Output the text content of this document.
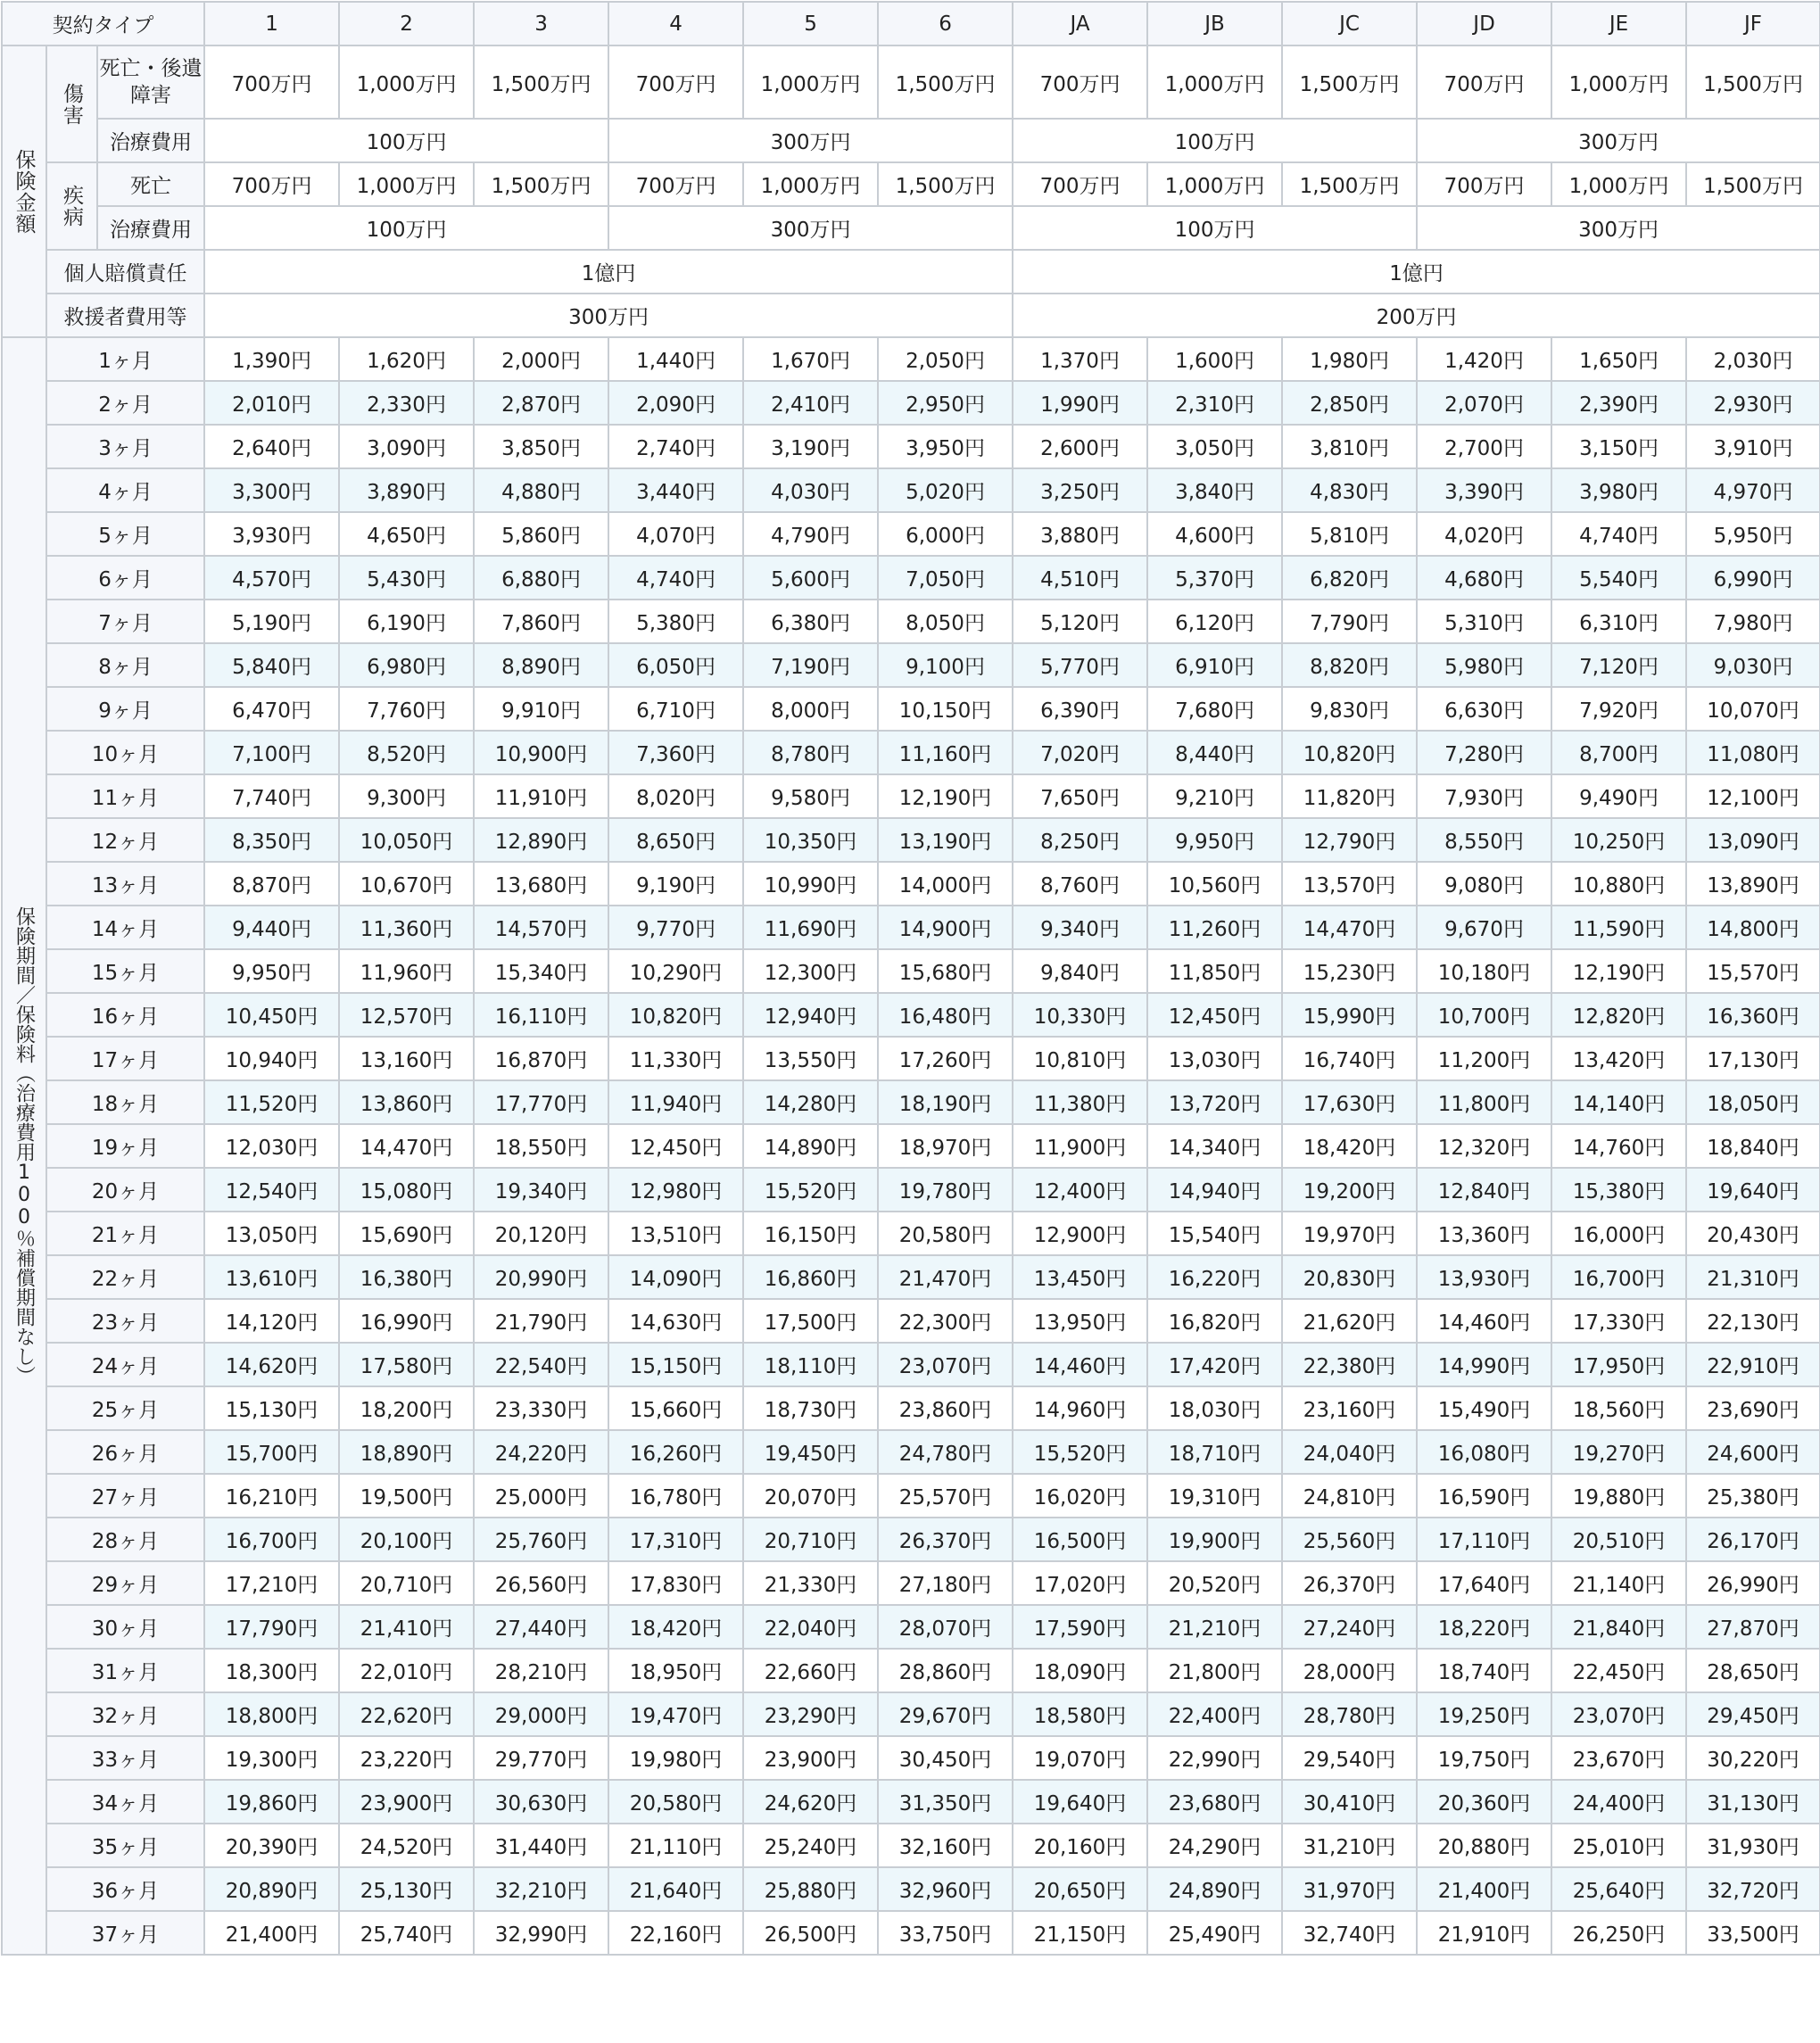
契約タイプ			1	2	3	4	5	6	JA	JB	JC	JD	JE	JF
保険金額	傷害	死亡・後遺障害	700万円	1,000万円	1,500万円	700万円	1,000万円	1,500万円	700万円	1,000万円	1,500万円	700万円	1,000万円	1,500万円
		治療費用	100万円			300万円			100万円			300万円		
	疾病	死亡	700万円	1,000万円	1,500万円	700万円	1,000万円	1,500万円	700万円	1,000万円	1,500万円	700万円	1,000万円	1,500万円
		治療費用	100万円			300万円			100万円			300万円		
	個人賠償責任		1億円						1億円					
	救援者費用等		300万円						200万円					
保険期間／保険料（治療費用100％補償期間なし）	1ヶ月		1,390円	1,620円	2,000円	1,440円	1,670円	2,050円	1,370円	1,600円	1,980円	1,420円	1,650円	2,030円
	2ヶ月		2,010円	2,330円	2,870円	2,090円	2,410円	2,950円	1,990円	2,310円	2,850円	2,070円	2,390円	2,930円
	3ヶ月		2,640円	3,090円	3,850円	2,740円	3,190円	3,950円	2,600円	3,050円	3,810円	2,700円	3,150円	3,910円
	4ヶ月		3,300円	3,890円	4,880円	3,440円	4,030円	5,020円	3,250円	3,840円	4,830円	3,390円	3,980円	4,970円
	5ヶ月		3,930円	4,650円	5,860円	4,070円	4,790円	6,000円	3,880円	4,600円	5,810円	4,020円	4,740円	5,950円
	6ヶ月		4,570円	5,430円	6,880円	4,740円	5,600円	7,050円	4,510円	5,370円	6,820円	4,680円	5,540円	6,990円
	7ヶ月		5,190円	6,190円	7,860円	5,380円	6,380円	8,050円	5,120円	6,120円	7,790円	5,310円	6,310円	7,980円
	8ヶ月		5,840円	6,980円	8,890円	6,050円	7,190円	9,100円	5,770円	6,910円	8,820円	5,980円	7,120円	9,030円
	9ヶ月		6,470円	7,760円	9,910円	6,710円	8,000円	10,150円	6,390円	7,680円	9,830円	6,630円	7,920円	10,070円
	10ヶ月		7,100円	8,520円	10,900円	7,360円	8,780円	11,160円	7,020円	8,440円	10,820円	7,280円	8,700円	11,080円
	11ヶ月		7,740円	9,300円	11,910円	8,020円	9,580円	12,190円	7,650円	9,210円	11,820円	7,930円	9,490円	12,100円
	12ヶ月		8,350円	10,050円	12,890円	8,650円	10,350円	13,190円	8,250円	9,950円	12,790円	8,550円	10,250円	13,090円
	13ヶ月		8,870円	10,670円	13,680円	9,190円	10,990円	14,000円	8,760円	10,560円	13,570円	9,080円	10,880円	13,890円
	14ヶ月		9,440円	11,360円	14,570円	9,770円	11,690円	14,900円	9,340円	11,260円	14,470円	9,670円	11,590円	14,800円
	15ヶ月		9,950円	11,960円	15,340円	10,290円	12,300円	15,680円	9,840円	11,850円	15,230円	10,180円	12,190円	15,570円
	16ヶ月		10,450円	12,570円	16,110円	10,820円	12,940円	16,480円	10,330円	12,450円	15,990円	10,700円	12,820円	16,360円
	17ヶ月		10,940円	13,160円	16,870円	11,330円	13,550円	17,260円	10,810円	13,030円	16,740円	11,200円	13,420円	17,130円
	18ヶ月		11,520円	13,860円	17,770円	11,940円	14,280円	18,190円	11,380円	13,720円	17,630円	11,800円	14,140円	18,050円
	19ヶ月		12,030円	14,470円	18,550円	12,450円	14,890円	18,970円	11,900円	14,340円	18,420円	12,320円	14,760円	18,840円
	20ヶ月		12,540円	15,080円	19,340円	12,980円	15,520円	19,780円	12,400円	14,940円	19,200円	12,840円	15,380円	19,640円
	21ヶ月		13,050円	15,690円	20,120円	13,510円	16,150円	20,580円	12,900円	15,540円	19,970円	13,360円	16,000円	20,430円
	22ヶ月		13,610円	16,380円	20,990円	14,090円	16,860円	21,470円	13,450円	16,220円	20,830円	13,930円	16,700円	21,310円
	23ヶ月		14,120円	16,990円	21,790円	14,630円	17,500円	22,300円	13,950円	16,820円	21,620円	14,460円	17,330円	22,130円
	24ヶ月		14,620円	17,580円	22,540円	15,150円	18,110円	23,070円	14,460円	17,420円	22,380円	14,990円	17,950円	22,910円
	25ヶ月		15,130円	18,200円	23,330円	15,660円	18,730円	23,860円	14,960円	18,030円	23,160円	15,490円	18,560円	23,690円
	26ヶ月		15,700円	18,890円	24,220円	16,260円	19,450円	24,780円	15,520円	18,710円	24,040円	16,080円	19,270円	24,600円
	27ヶ月		16,210円	19,500円	25,000円	16,780円	20,070円	25,570円	16,020円	19,310円	24,810円	16,590円	19,880円	25,380円
	28ヶ月		16,700円	20,100円	25,760円	17,310円	20,710円	26,370円	16,500円	19,900円	25,560円	17,110円	20,510円	26,170円
	29ヶ月		17,210円	20,710円	26,560円	17,830円	21,330円	27,180円	17,020円	20,520円	26,370円	17,640円	21,140円	26,990円
	30ヶ月		17,790円	21,410円	27,440円	18,420円	22,040円	28,070円	17,590円	21,210円	27,240円	18,220円	21,840円	27,870円
	31ヶ月		18,300円	22,010円	28,210円	18,950円	22,660円	28,860円	18,090円	21,800円	28,000円	18,740円	22,450円	28,650円
	32ヶ月		18,800円	22,620円	29,000円	19,470円	23,290円	29,670円	18,580円	22,400円	28,780円	19,250円	23,070円	29,450円
	33ヶ月		19,300円	23,220円	29,770円	19,980円	23,900円	30,450円	19,070円	22,990円	29,540円	19,750円	23,670円	30,220円
	34ヶ月		19,860円	23,900円	30,630円	20,580円	24,620円	31,350円	19,640円	23,680円	30,410円	20,360円	24,400円	31,130円
	35ヶ月		20,390円	24,520円	31,440円	21,110円	25,240円	32,160円	20,160円	24,290円	31,210円	20,880円	25,010円	31,930円
	36ヶ月		20,890円	25,130円	32,210円	21,640円	25,880円	32,960円	20,650円	24,890円	31,970円	21,400円	25,640円	32,720円
	37ヶ月		21,400円	25,740円	32,990円	22,160円	26,500円	33,750円	21,150円	25,490円	32,740円	21,910円	26,250円	33,500円
